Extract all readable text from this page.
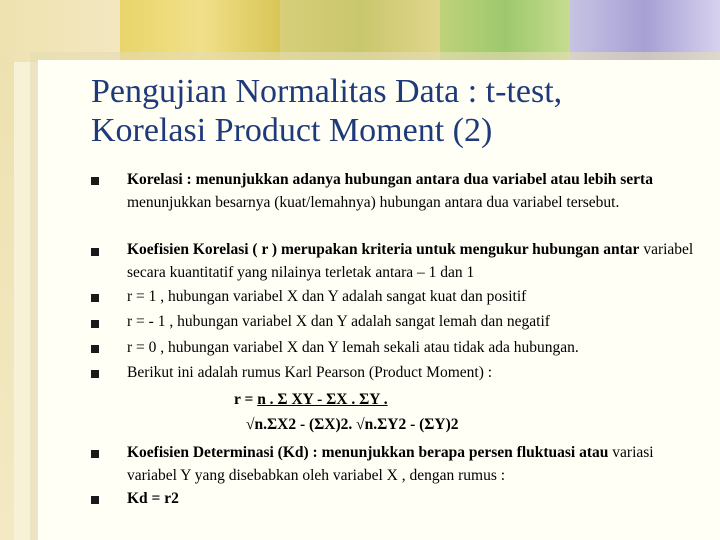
Pengujian Normalitas Data : t-test,
Korelasi Product Moment (2)
Korelasi : menunjukkan adanya hubungan antara dua variabel atau lebih serta menunjukkan besarnya (kuat/lemahnya) hubungan antara dua variabel tersebut.
Koefisien Korelasi ( r ) merupakan kriteria untuk mengukur hubungan antar variabel secara kuantitatif yang nilainya terletak antara – 1 dan 1
r = 1 , hubungan variabel X dan Y adalah sangat kuat dan positif
r = - 1 , hubungan variabel X dan Y adalah sangat lemah dan negatif
r = 0 , hubungan variabel X dan Y lemah sekali atau tidak ada hubungan.
Berikut ini adalah rumus Karl Pearson (Product Moment) :
r = n . Σ XY - ΣX . ΣY .
√n.ΣX2 - (ΣX)2. √n.ΣY2 - (ΣY)2
Koefisien Determinasi (Kd) : menunjukkan berapa persen fluktuasi atau variasi variabel Y yang disebabkan oleh variabel X , dengan rumus :
Kd = r2
